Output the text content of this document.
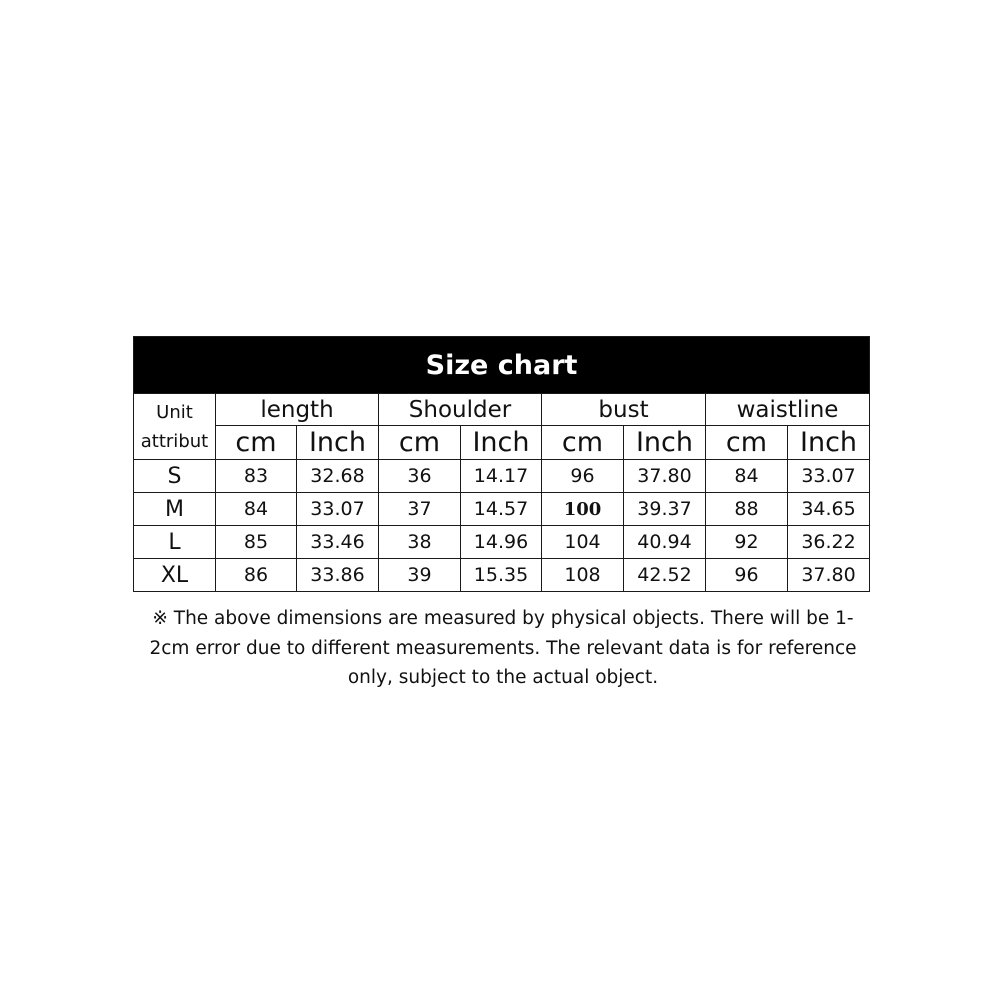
Size chart								
Unit
attribut	length		Shoulder		bust		waistline	
	cm	Inch	cm	Inch	cm	Inch	cm	Inch
S	83	32.68	36	14.17	96	37.80	84	33.07
M	84	33.07	37	14.57	100	39.37	88	34.65
L	85	33.46	38	14.96	104	40.94	92	36.22
XL	86	33.86	39	15.35	108	42.52	96	37.80
※ The above dimensions are measured by physical objects. There will be 1-
2cm error due to different measurements. The relevant data is for reference
only, subject to the actual object.
